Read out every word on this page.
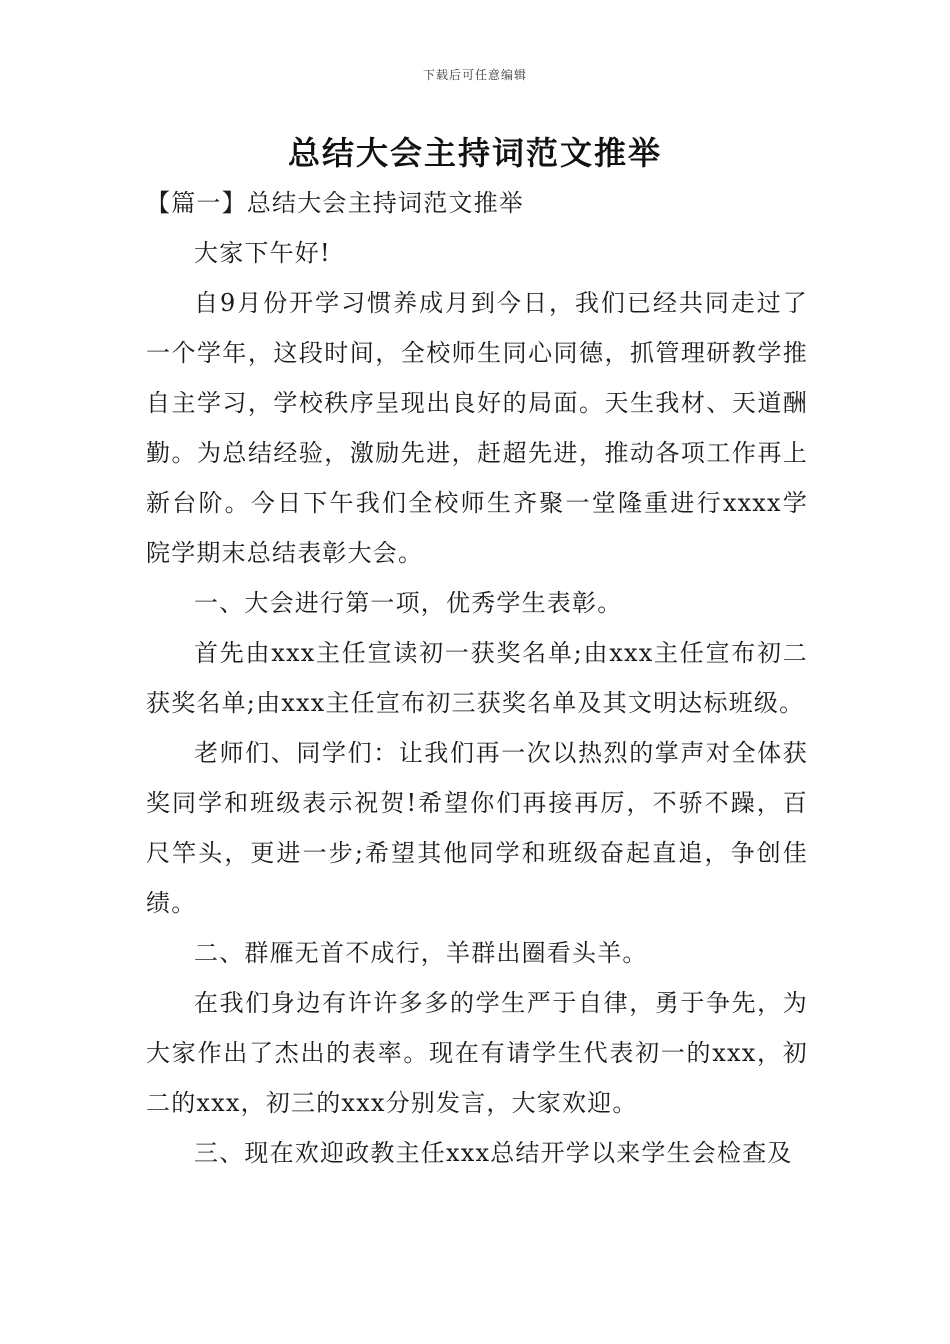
下载后可任意编辑
总结大会主持词范文推举

【篇一】总结大会主持词范文推举

大家下午好!

自9月份开学习惯养成月到今日，我们已经共同走过了一个学年，这段时间，全校师生同心同德，抓管理研教学推自主学习，学校秩序呈现出良好的局面。天生我材、天道酬勤。为总结经验，激励先进，赶超先进，推动各项工作再上新台阶。今日下午我们全校师生齐聚一堂隆重进行xxxx学院学期末总结表彰大会。

一、大会进行第一项，优秀学生表彰。

首先由xxx主任宣读初一获奖名单;由xxx主任宣布初二获奖名单;由xxx主任宣布初三获奖名单及其文明达标班级。

老师们、同学们：让我们再一次以热烈的掌声对全体获奖同学和班级表示祝贺!希望你们再接再厉，不骄不躁，百尺竿头，更进一步;希望其他同学和班级奋起直追，争创佳绩。

二、群雁无首不成行，羊群出圈看头羊。

在我们身边有许许多多的学生严于自律，勇于争先，为大家作出了杰出的表率。现在有请学生代表初一的xxx，初二的xxx，初三的xxx分别发言，大家欢迎。

三、现在欢迎政教主任xxx总结开学以来学生会检查及
